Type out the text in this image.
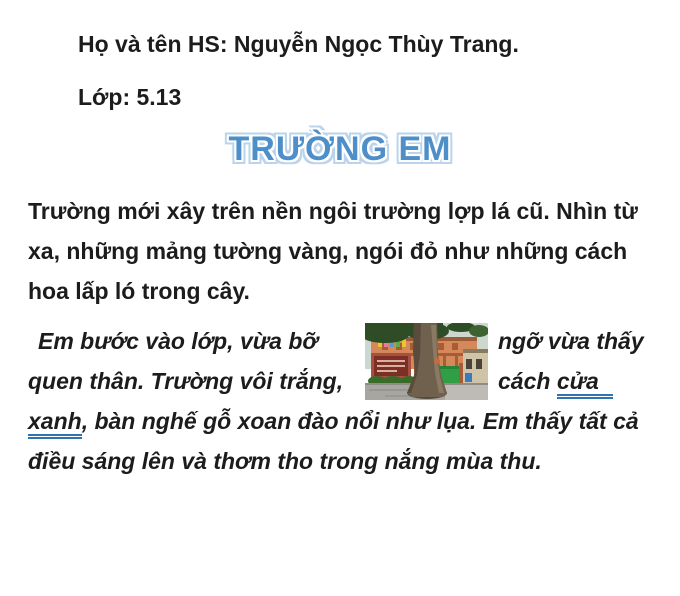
Họ và tên HS: Nguyễn Ngọc Thùy Trang.
Lớp: 5.13
TRƯỜNG EM
Trường mới xây trên nền ngôi trường lợp lá cũ. Nhìn từ
xa, những mảng tường vàng, ngói đỏ như những cách
hoa lấp ló trong cây.
Em bước vào lớp, vừa bỡ
quen thân. Trường vôi trắng,
ngỡ vừa thấy
cách cửa
xanh, bàn nghế gỗ xoan đào nổi như lụa. Em thấy tất cả
điều sáng lên và thơm tho trong nắng mùa thu.
